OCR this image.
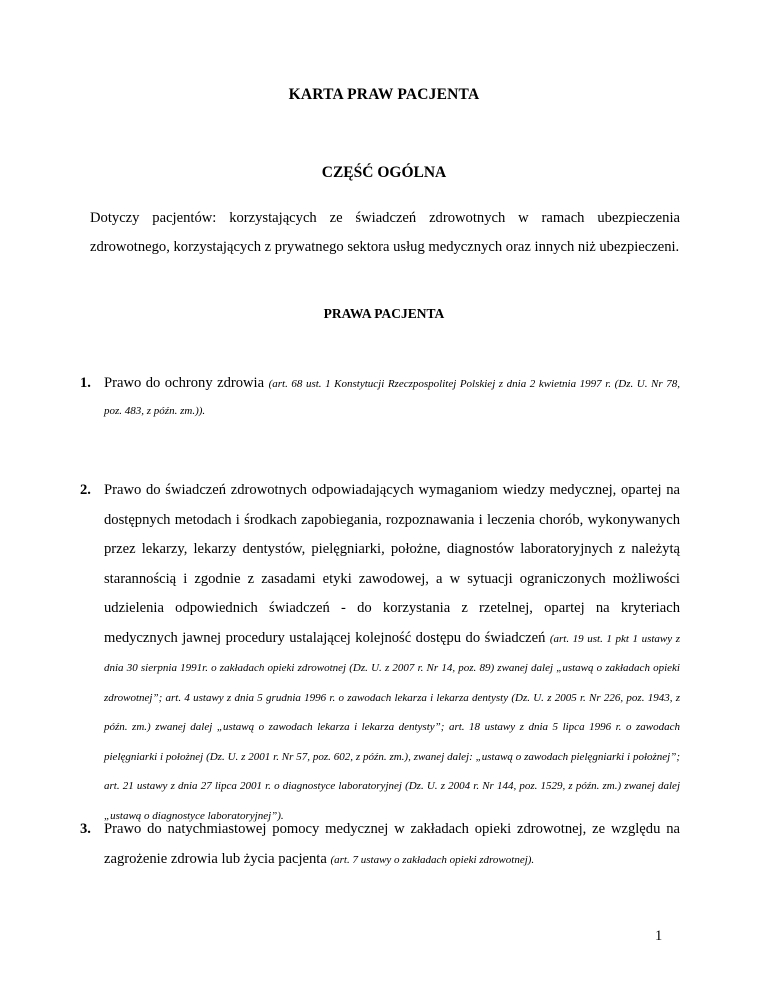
KARTA PRAW PACJENTA
CZĘŚĆ OGÓLNA

Dotyczy pacjentów: korzystających ze świadczeń zdrowotnych w ramach ubezpieczenia zdrowotnego, korzystających z prywatnego sektora usług medycznych oraz innych niż ubezpieczeni.

PRAWA PACJENTA

1. Prawo do ochrony zdrowia (art. 68 ust. 1 Konstytucji Rzeczpospolitej Polskiej z dnia 2 kwietnia 1997 r. (Dz. U. Nr 78, poz. 483, z późn. zm.)).

2. Prawo do świadczeń zdrowotnych odpowiadających wymaganiom wiedzy medycznej, opartej na dostępnych metodach i środkach zapobiegania, rozpoznawania i leczenia chorób, wykonywanych przez lekarzy, lekarzy dentystów, pielęgniarki, położne, diagnostów laboratoryjnych z należytą starannością i zgodnie z zasadami etyki zawodowej, a w sytuacji ograniczonych możliwości udzielenia odpowiednich świadczeń - do korzystania z rzetelnej, opartej na kryteriach medycznych jawnej procedury ustalającej kolejność dostępu do świadczeń (art. 19 ust. 1 pkt 1 ustawy z dnia 30 sierpnia 1991r. o zakładach opieki zdrowotnej (Dz. U. z 2007 r. Nr 14, poz. 89) zwanej dalej „ustawą o zakładach opieki zdrowotnej”; art. 4 ustawy z dnia 5 grudnia 1996 r. o zawodach lekarza i lekarza dentysty (Dz. U. z 2005 r. Nr 226, poz. 1943, z późn. zm.) zwanej dalej „ustawą o zawodach lekarza i lekarza dentysty”; art. 18 ustawy z dnia 5 lipca 1996 r. o zawodach pielęgniarki i położnej (Dz. U. z 2001 r. Nr 57, poz. 602, z późn. zm.), zwanej dalej: „ustawą o zawodach pielęgniarki i położnej”; art. 21 ustawy z dnia 27 lipca 2001 r. o diagnostyce laboratoryjnej (Dz. U. z 2004 r. Nr 144, poz. 1529, z późn. zm.) zwanej dalej „ustawą o diagnostyce laboratoryjnej”).

3. Prawo do natychmiastowej pomocy medycznej w zakładach opieki zdrowotnej, ze względu na zagrożenie zdrowia lub życia pacjenta (art. 7 ustawy o zakładach opieki zdrowotnej).

1
